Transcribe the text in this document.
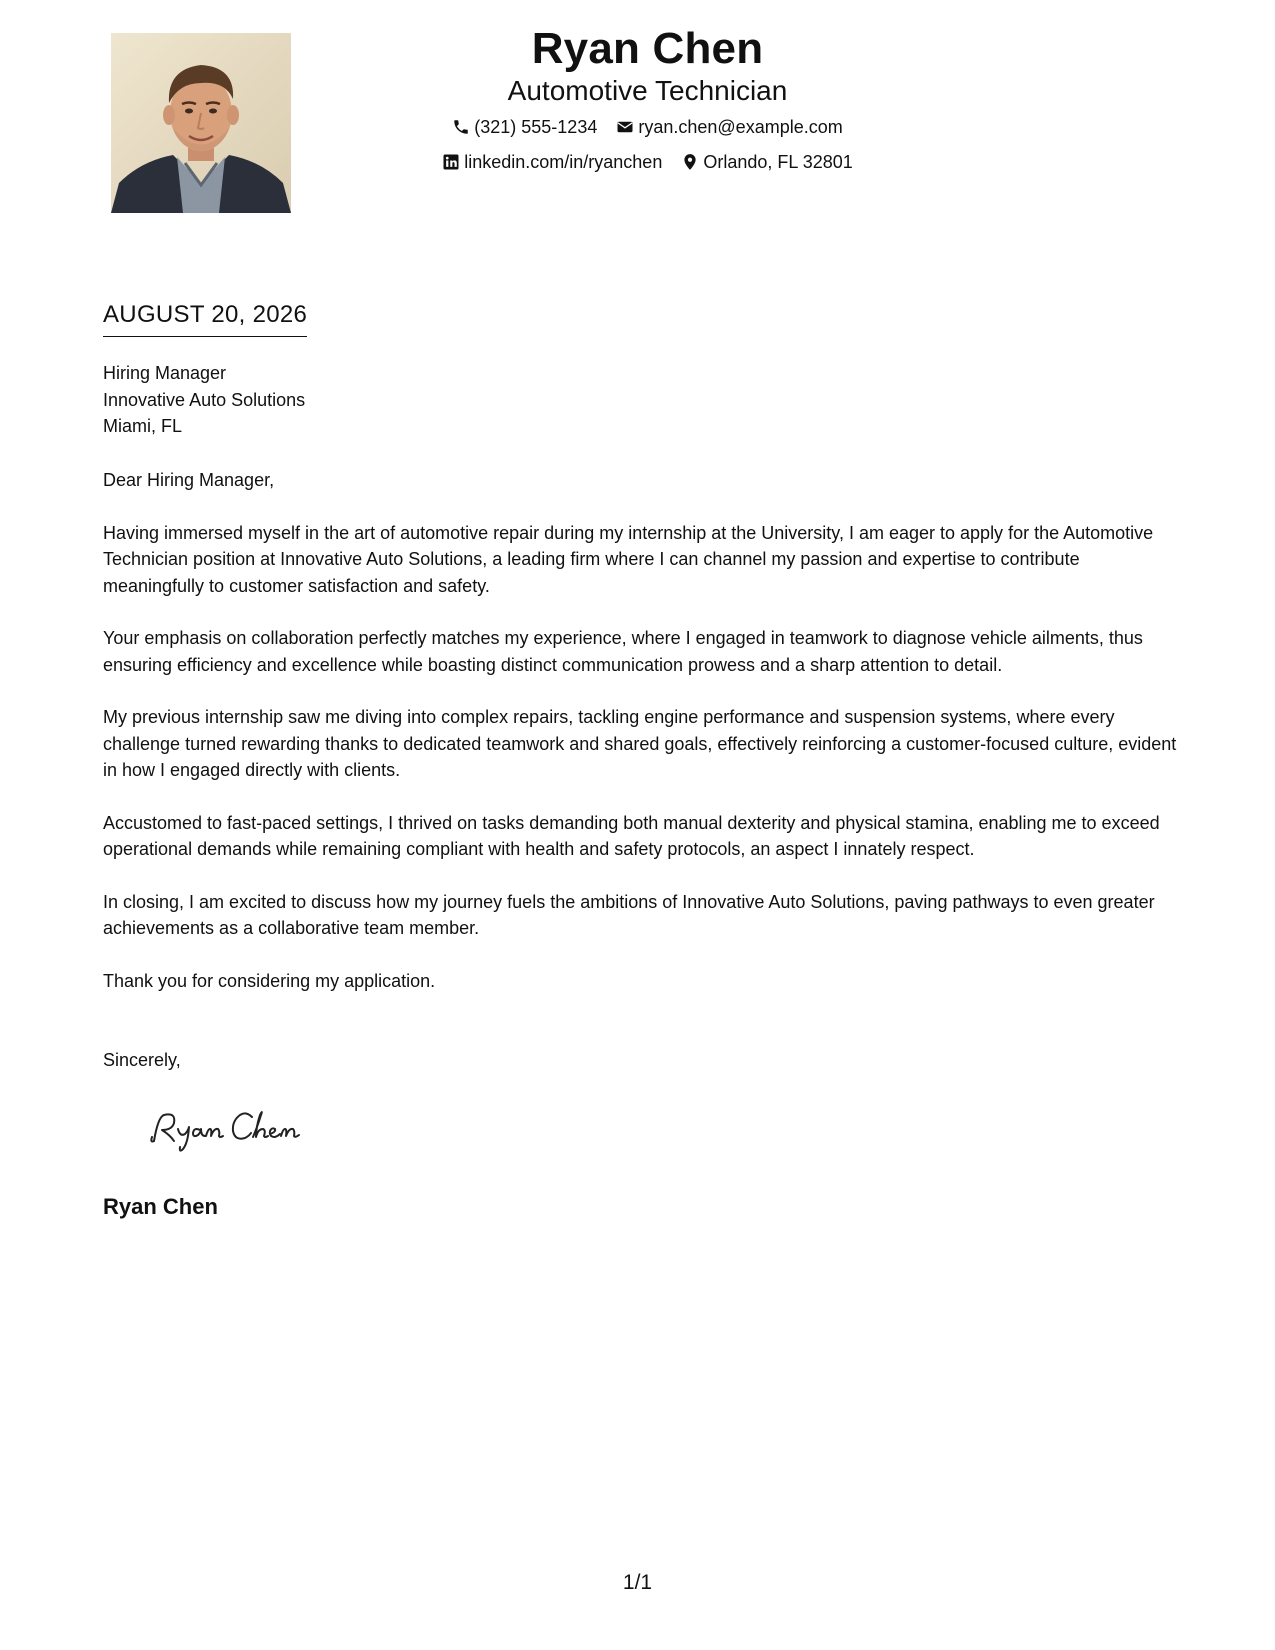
Ryan Chen
Automotive Technician
(321) 555-1234
ryan.chen@example.com
linkedin.com/in/ryanchen
Orlando, FL 32801
AUGUST 20, 2026
Hiring Manager
Innovative Auto Solutions
Miami, FL

Dear Hiring Manager,

Having immersed myself in the art of automotive repair during my internship at the University, I am eager to apply for the Automotive Technician position at Innovative Auto Solutions, a leading firm where I can channel my passion and expertise to contribute meaningfully to customer satisfaction and safety.

Your emphasis on collaboration perfectly matches my experience, where I engaged in teamwork to diagnose vehicle ailments, thus ensuring efficiency and excellence while boasting distinct communication prowess and a sharp attention to detail.

My previous internship saw me diving into complex repairs, tackling engine performance and suspension systems, where every challenge turned rewarding thanks to dedicated teamwork and shared goals, effectively reinforcing a customer-focused culture, evident in how I engaged directly with clients.

Accustomed to fast-paced settings, I thrived on tasks demanding both manual dexterity and physical stamina, enabling me to exceed operational demands while remaining compliant with health and safety protocols, an aspect I innately respect.

In closing, I am excited to discuss how my journey fuels the ambitions of Innovative Auto Solutions, paving pathways to even greater achievements as a collaborative team member.

Thank you for considering my application.

Sincerely,
Ryan Chen
1/1
